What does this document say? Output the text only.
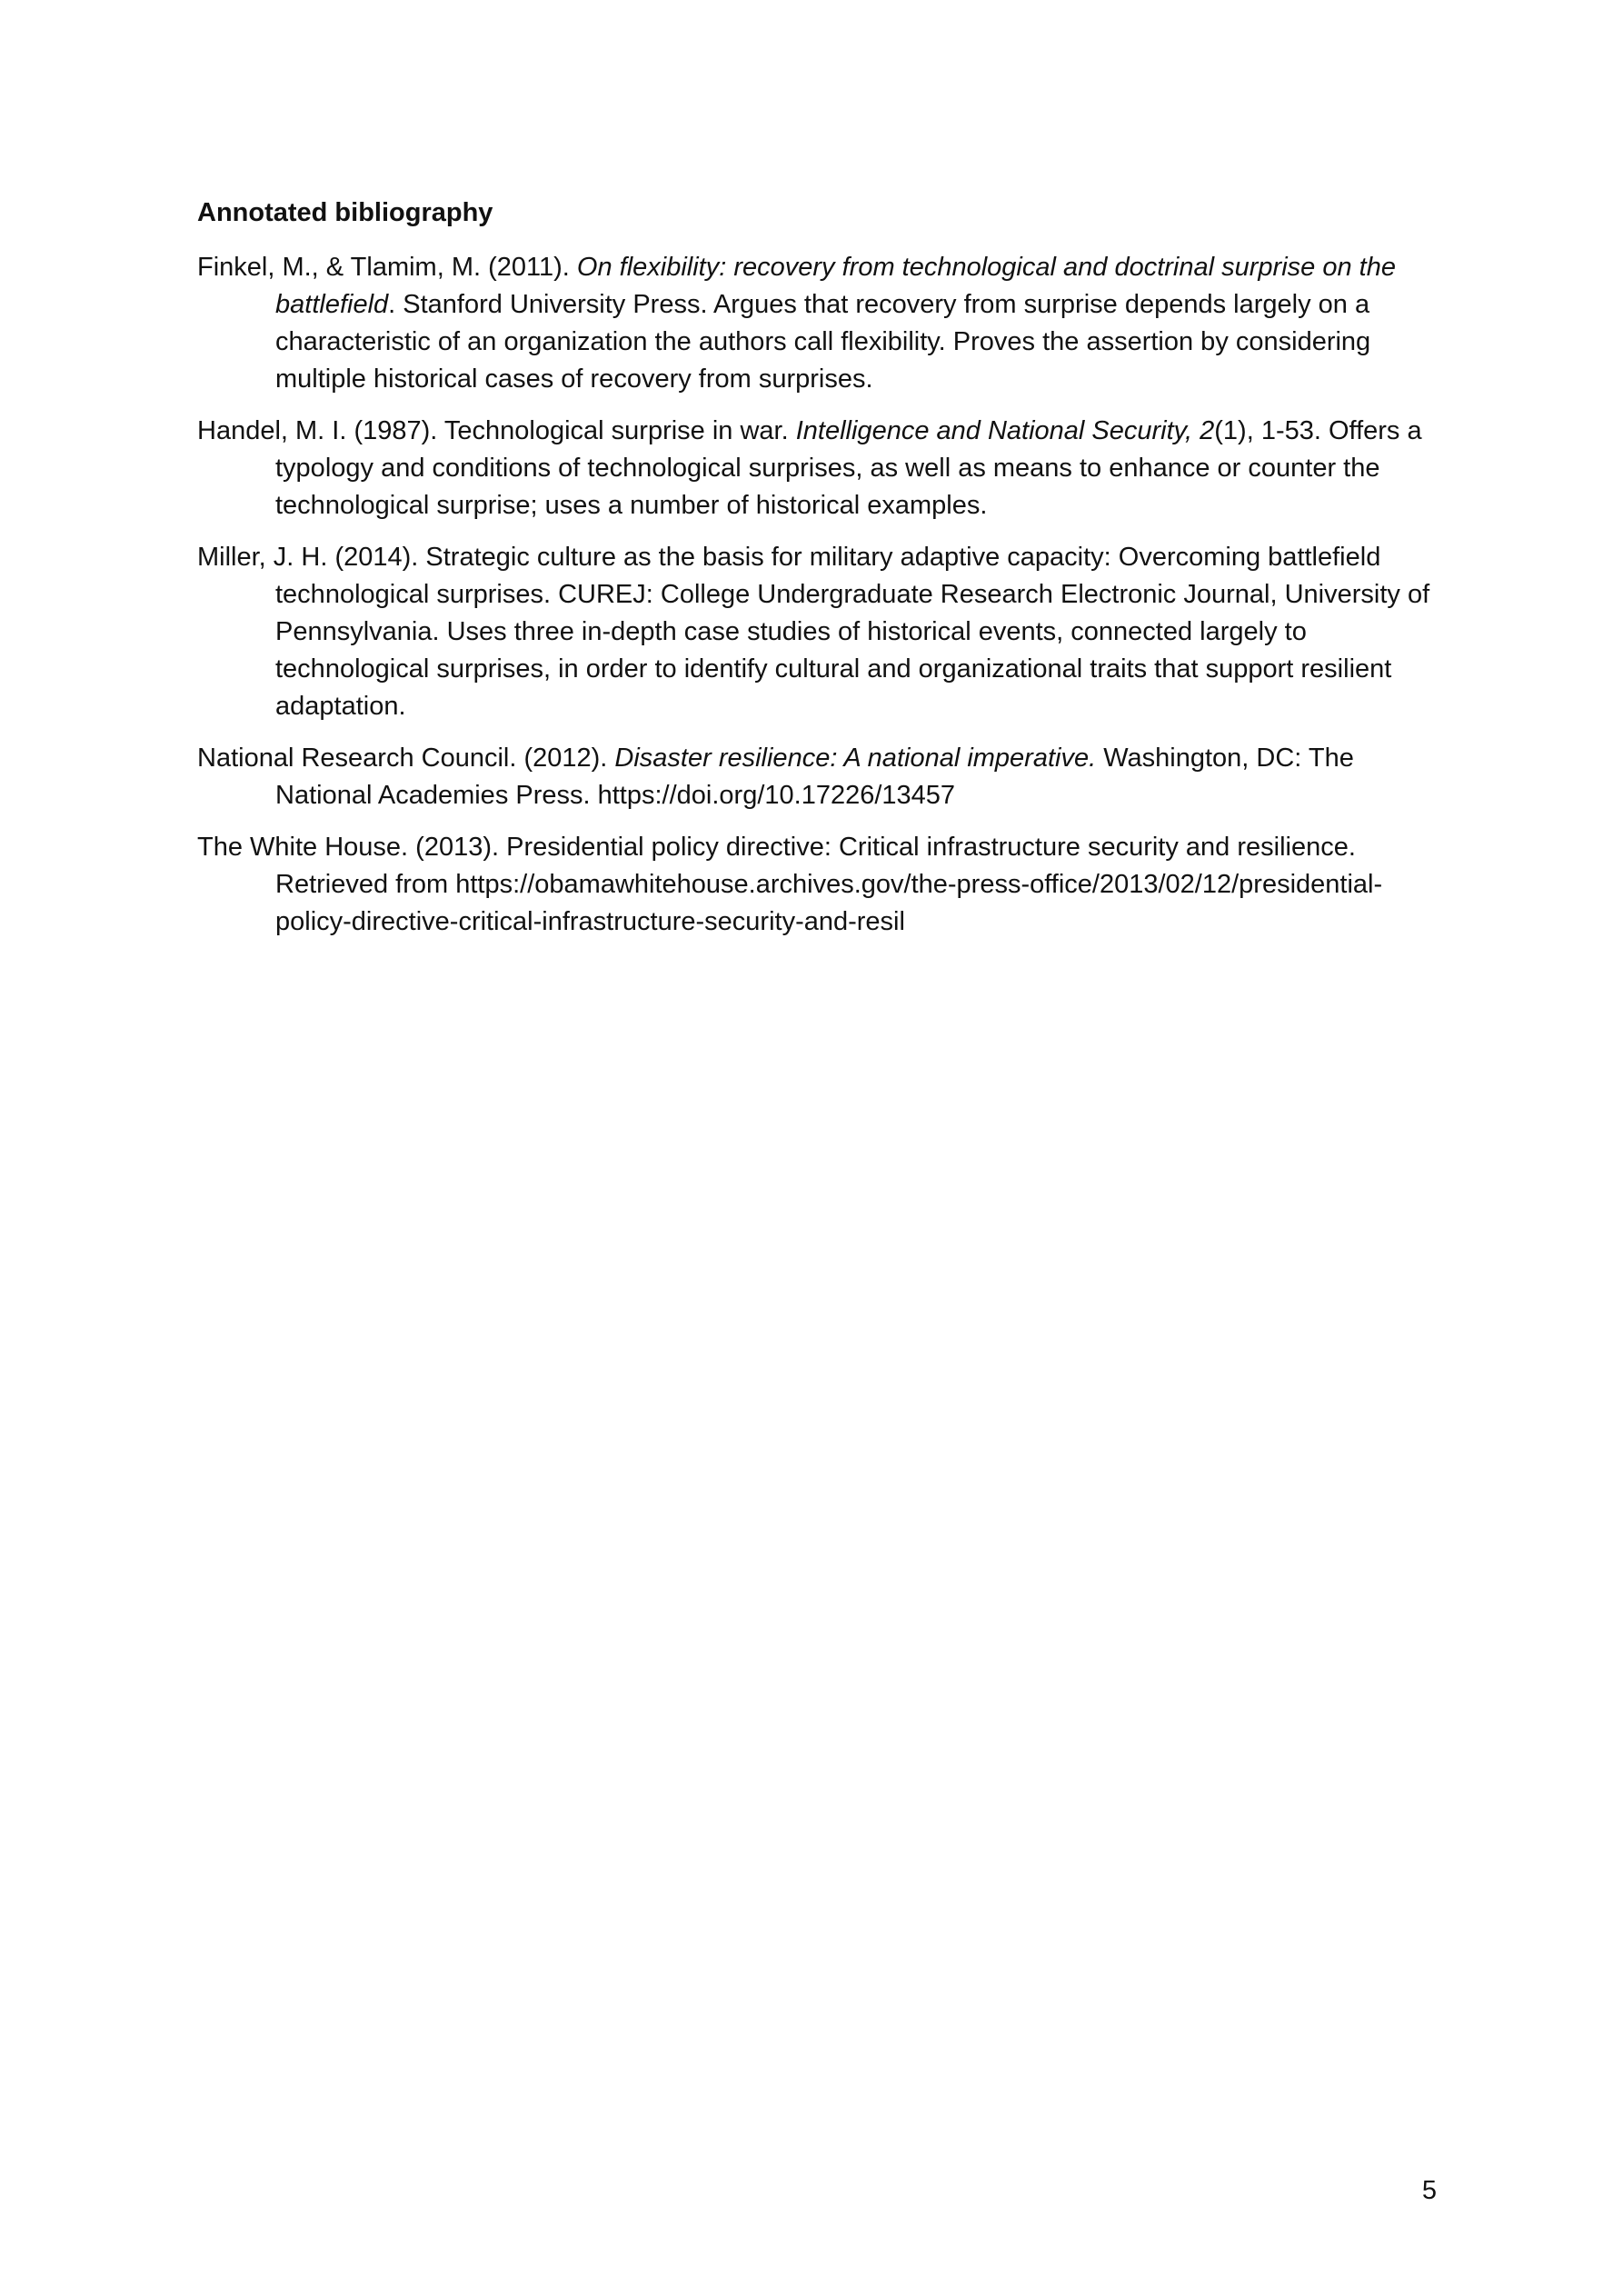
Annotated bibliography
Finkel, M., & Tlamim, M. (2011). On flexibility: recovery from technological and doctrinal surprise on the battlefield. Stanford University Press. Argues that recovery from surprise depends largely on a characteristic of an organization the authors call flexibility. Proves the assertion by considering multiple historical cases of recovery from surprises.
Handel, M. I. (1987). Technological surprise in war. Intelligence and National Security, 2(1), 1-53. Offers a typology and conditions of technological surprises, as well as means to enhance or counter the technological surprise; uses a number of historical examples.
Miller, J. H. (2014). Strategic culture as the basis for military adaptive capacity: Overcoming battlefield technological surprises. CUREJ: College Undergraduate Research Electronic Journal, University of Pennsylvania. Uses three in-depth case studies of historical events, connected largely to technological surprises, in order to identify cultural and organizational traits that support resilient adaptation.
National Research Council. (2012). Disaster resilience: A national imperative. Washington, DC: The National Academies Press. https://doi.org/10.17226/13457
The White House. (2013). Presidential policy directive: Critical infrastructure security and resilience. Retrieved from https://obamawhitehouse.archives.gov/the-press-office/2013/02/12/presidential-policy-directive-critical-infrastructure-security-and-resil
5
